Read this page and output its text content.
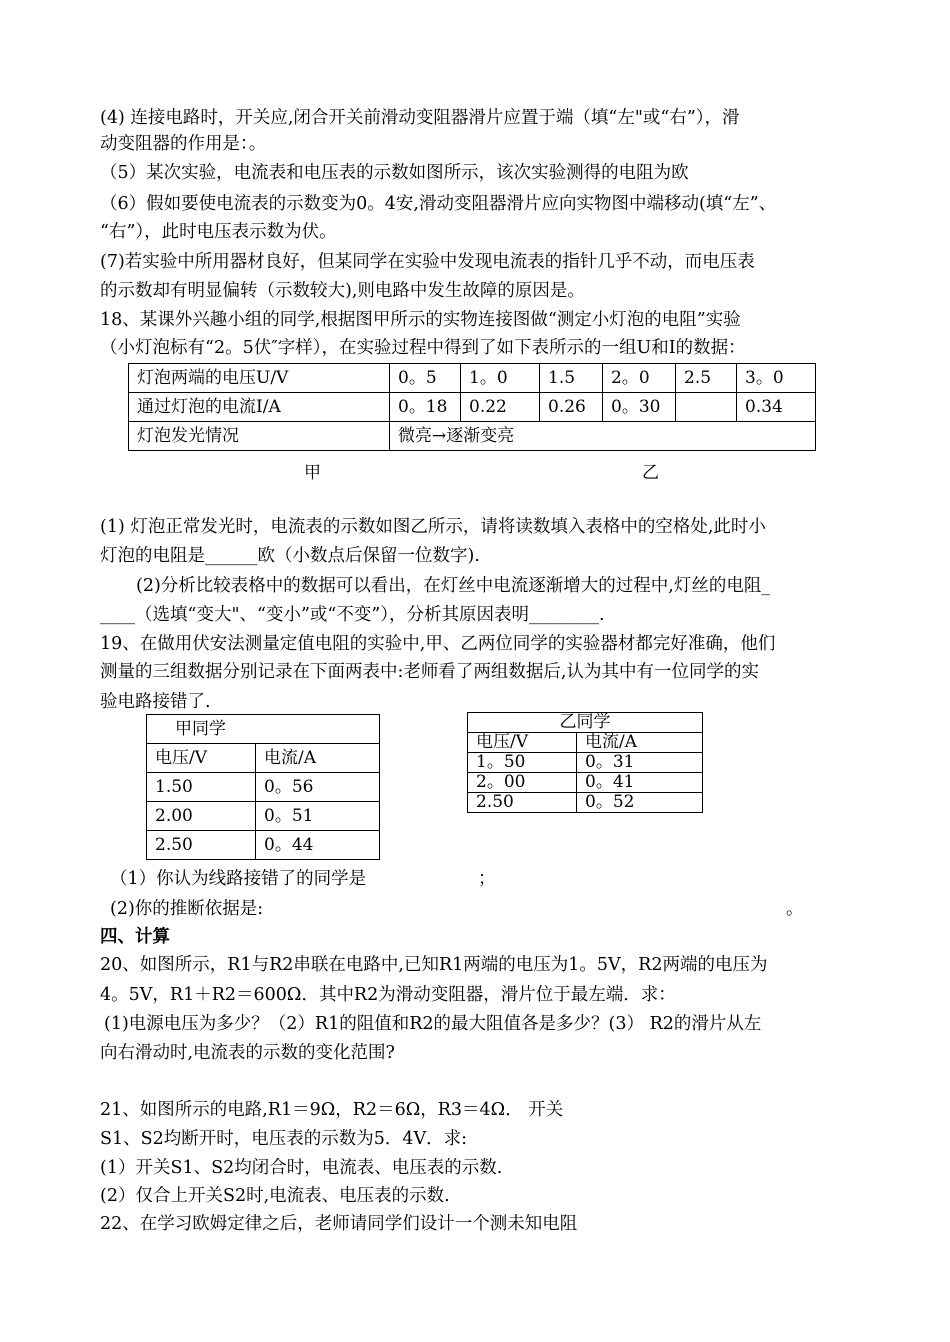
(4) 连接电路时，开关应,闭合开关前滑动变阻器滑片应置于端（填“左"或“右”），滑
动变阻器的作用是：。
（5）某次实验，电流表和电压表的示数如图所示，该次实验测得的电阻为欧
（6）假如要使电流表的示数变为0。4安,滑动变阻器滑片应向实物图中端移动(填“左”、
“右”），此时电压表示数为伏。
(7)若实验中所用器材良好，但某同学在实验中发现电流表的指针几乎不动，而电压表
的示数却有明显偏转（示数较大),则电路中发生故障的原因是。
18、某课外兴趣小组的同学,根据图甲所示的实物连接图做“测定小灯泡的电阻”实验
（小灯泡标有“2。5伏″字样），在实验过程中得到了如下表所示的一组U和I的数据：
灯泡两端的电压U/V	0。5	1。0	1.5	2。0	2.5	3。0
通过灯泡的电流I/A	0。18	0.22	0.26	0。30		0.34
灯泡发光情况	微亮→逐渐变亮					
甲	乙
(1) 灯泡正常发光时，电流表的示数如图乙所示，请将读数填入表格中的空格处,此时小
灯泡的电阻是______欧（小数点后保留一位数字).
(2)分析比较表格中的数据可以看出，在灯丝中电流逐渐增大的过程中,灯丝的电阻_
____（选填“变大"、“变小”或“不变”），分析其原因表明________.
19、在做用伏安法测量定值电阻的实验中,甲、乙两位同学的实验器材都完好准确，他们
测量的三组数据分别记录在下面两表中:老师看了两组数据后,认为其中有一位同学的实
验电路接错了.
甲同学	
电压/V	电流/A
1.50	0。56
2.00	0。51
2.50	0。44
乙同学	
电压/V	电流/A
1。50	0。31
2。00	0。41
2.50	0。52
（1）你认为线路接错了的同学是	；
(2)你的推断依据是:	。
四、计算
20、如图所示，R1与R2串联在电路中,已知R1两端的电压为1。5V，R2两端的电压为
4。5V，R1＋R2＝600Ω．其中R2为滑动变阻器，滑片位于最左端．求：
(1)电源电压为多少？（2）R1的阻值和R2的最大阻值各是多少？(3） R2的滑片从左
向右滑动时,电流表的示数的变化范围?
21、如图所示的电路,R1＝9Ω，R2＝6Ω，R3＝4Ω． 开关
S1、S2均断开时，电压表的示数为5．4V．求:
(1）开关S1、S2均闭合时，电流表、电压表的示数.
(2）仅合上开关S2时,电流表、电压表的示数.
22、在学习欧姆定律之后，老师请同学们设计一个测未知电阻
